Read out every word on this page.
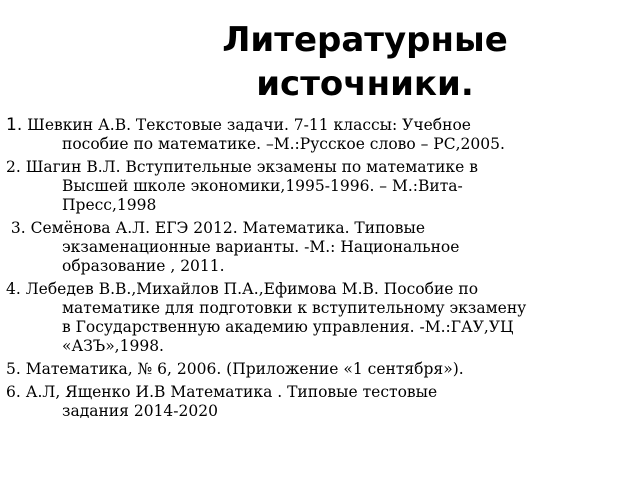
Литературные
источники.
1. Шевкин А.В. Текстовые задачи. 7-11 классы: Учебное
пособие по математике. –М.:Русское слово – РС,2005.
2. Шагин В.Л. Вступительные экзамены по математике в
Высшей школе экономики,1995-1996. – М.:Вита-
Пресс,1998
3. Семёнова А.Л. ЕГЭ 2012. Математика. Типовые
экзаменационные варианты. -М.: Национальное
образование , 2011.
4. Лебедев В.В.,Михайлов П.А.,Ефимова М.В. Пособие по
математике для подготовки к вступительному экзамену
в Государственную академию управления. -М.:ГАУ,УЦ
«АЗЪ»,1998.
5. Математика, № 6, 2006. (Приложение «1 сентября»).
6. А.Л, Ященко И.В Математика . Типовые тестовые
задания 2014-2020
